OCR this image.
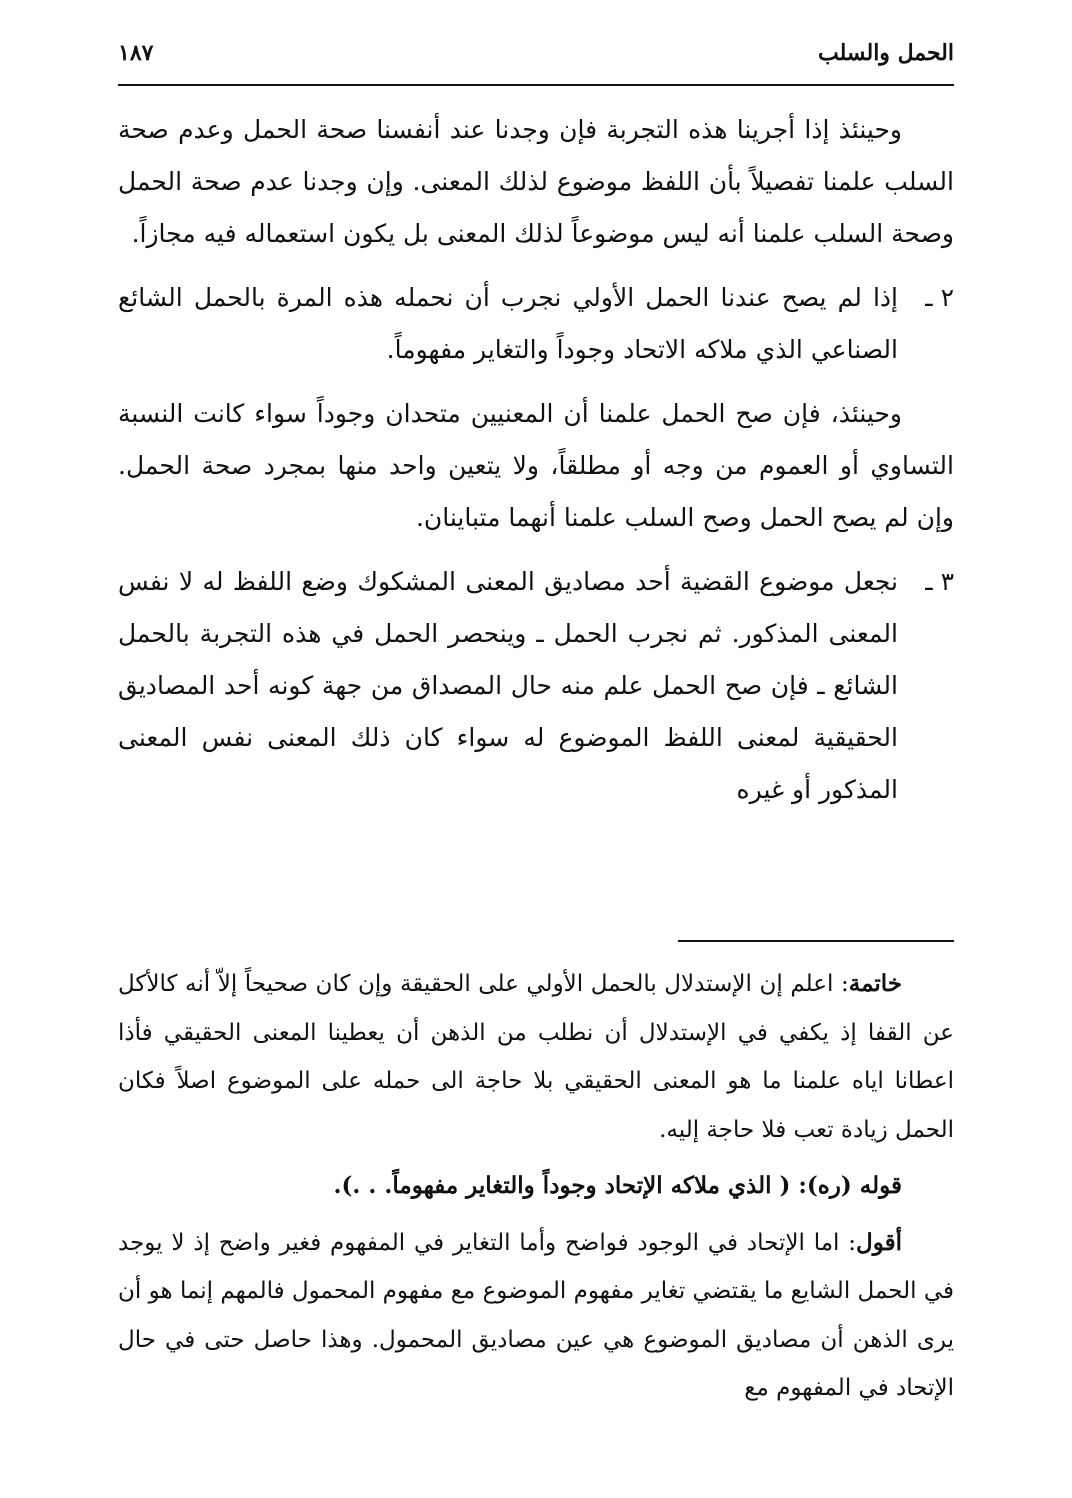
الحمل والسلب
١٨٧

وحينئذ إذا أجرينا هذه التجربة فإن وجدنا عند أنفسنا صحة الحمل وعدم صحة السلب علمنا تفصيلاً بأن اللفظ موضوع لذلك المعنى. وإن وجدنا عدم صحة الحمل وصحة السلب علمنا أنه ليس موضوعاً لذلك المعنى بل يكون استعماله فيه مجازاً.

٢ ـ
إذا لم يصح عندنا الحمل الأولي نجرب أن نحمله هذه المرة بالحمل الشائع الصناعي الذي ملاكه الاتحاد وجوداً والتغاير مفهوماً.

وحينئذ، فإن صح الحمل علمنا أن المعنيين متحدان وجوداً سواء كانت النسبة التساوي أو العموم من وجه أو مطلقاً، ولا يتعين واحد منها بمجرد صحة الحمل. وإن لم يصح الحمل وصح السلب علمنا أنهما متباينان.

٣ ـ
نجعل موضوع القضية أحد مصاديق المعنى المشكوك وضع اللفظ له لا نفس المعنى المذكور. ثم نجرب الحمل ـ وينحصر الحمل في هذه التجربة بالحمل الشائع ـ فإن صح الحمل علم منه حال المصداق من جهة كونه أحد المصاديق الحقيقية لمعنى اللفظ الموضوع له سواء كان ذلك المعنى نفس المعنى المذكور أو غيره

خاتمة: اعلم إن الإستدلال بالحمل الأولي على الحقيقة وإن كان صحيحاً إلاّ أنه كالأكل عن القفا إذ يكفي في الإستدلال أن نطلب من الذهن أن يعطينا المعنى الحقيقي فأذا اعطانا اياه علمنا ما هو المعنى الحقيقي بلا حاجة الى حمله على الموضوع اصلاً فكان الحمل زيادة تعب فلا حاجة إليه.

قوله (ره): ( الذي ملاكه الإتحاد وجوداً والتغاير مفهوماً. . .).

أقول: اما الإتحاد في الوجود فواضح وأما التغاير في المفهوم فغير واضح إذ لا يوجد في الحمل الشايع ما يقتضي تغاير مفهوم الموضوع مع مفهوم المحمول فالمهم إنما هو أن يرى الذهن أن مصاديق الموضوع هي عين مصاديق المحمول. وهذا حاصل حتى في حال الإتحاد في المفهوم مع
